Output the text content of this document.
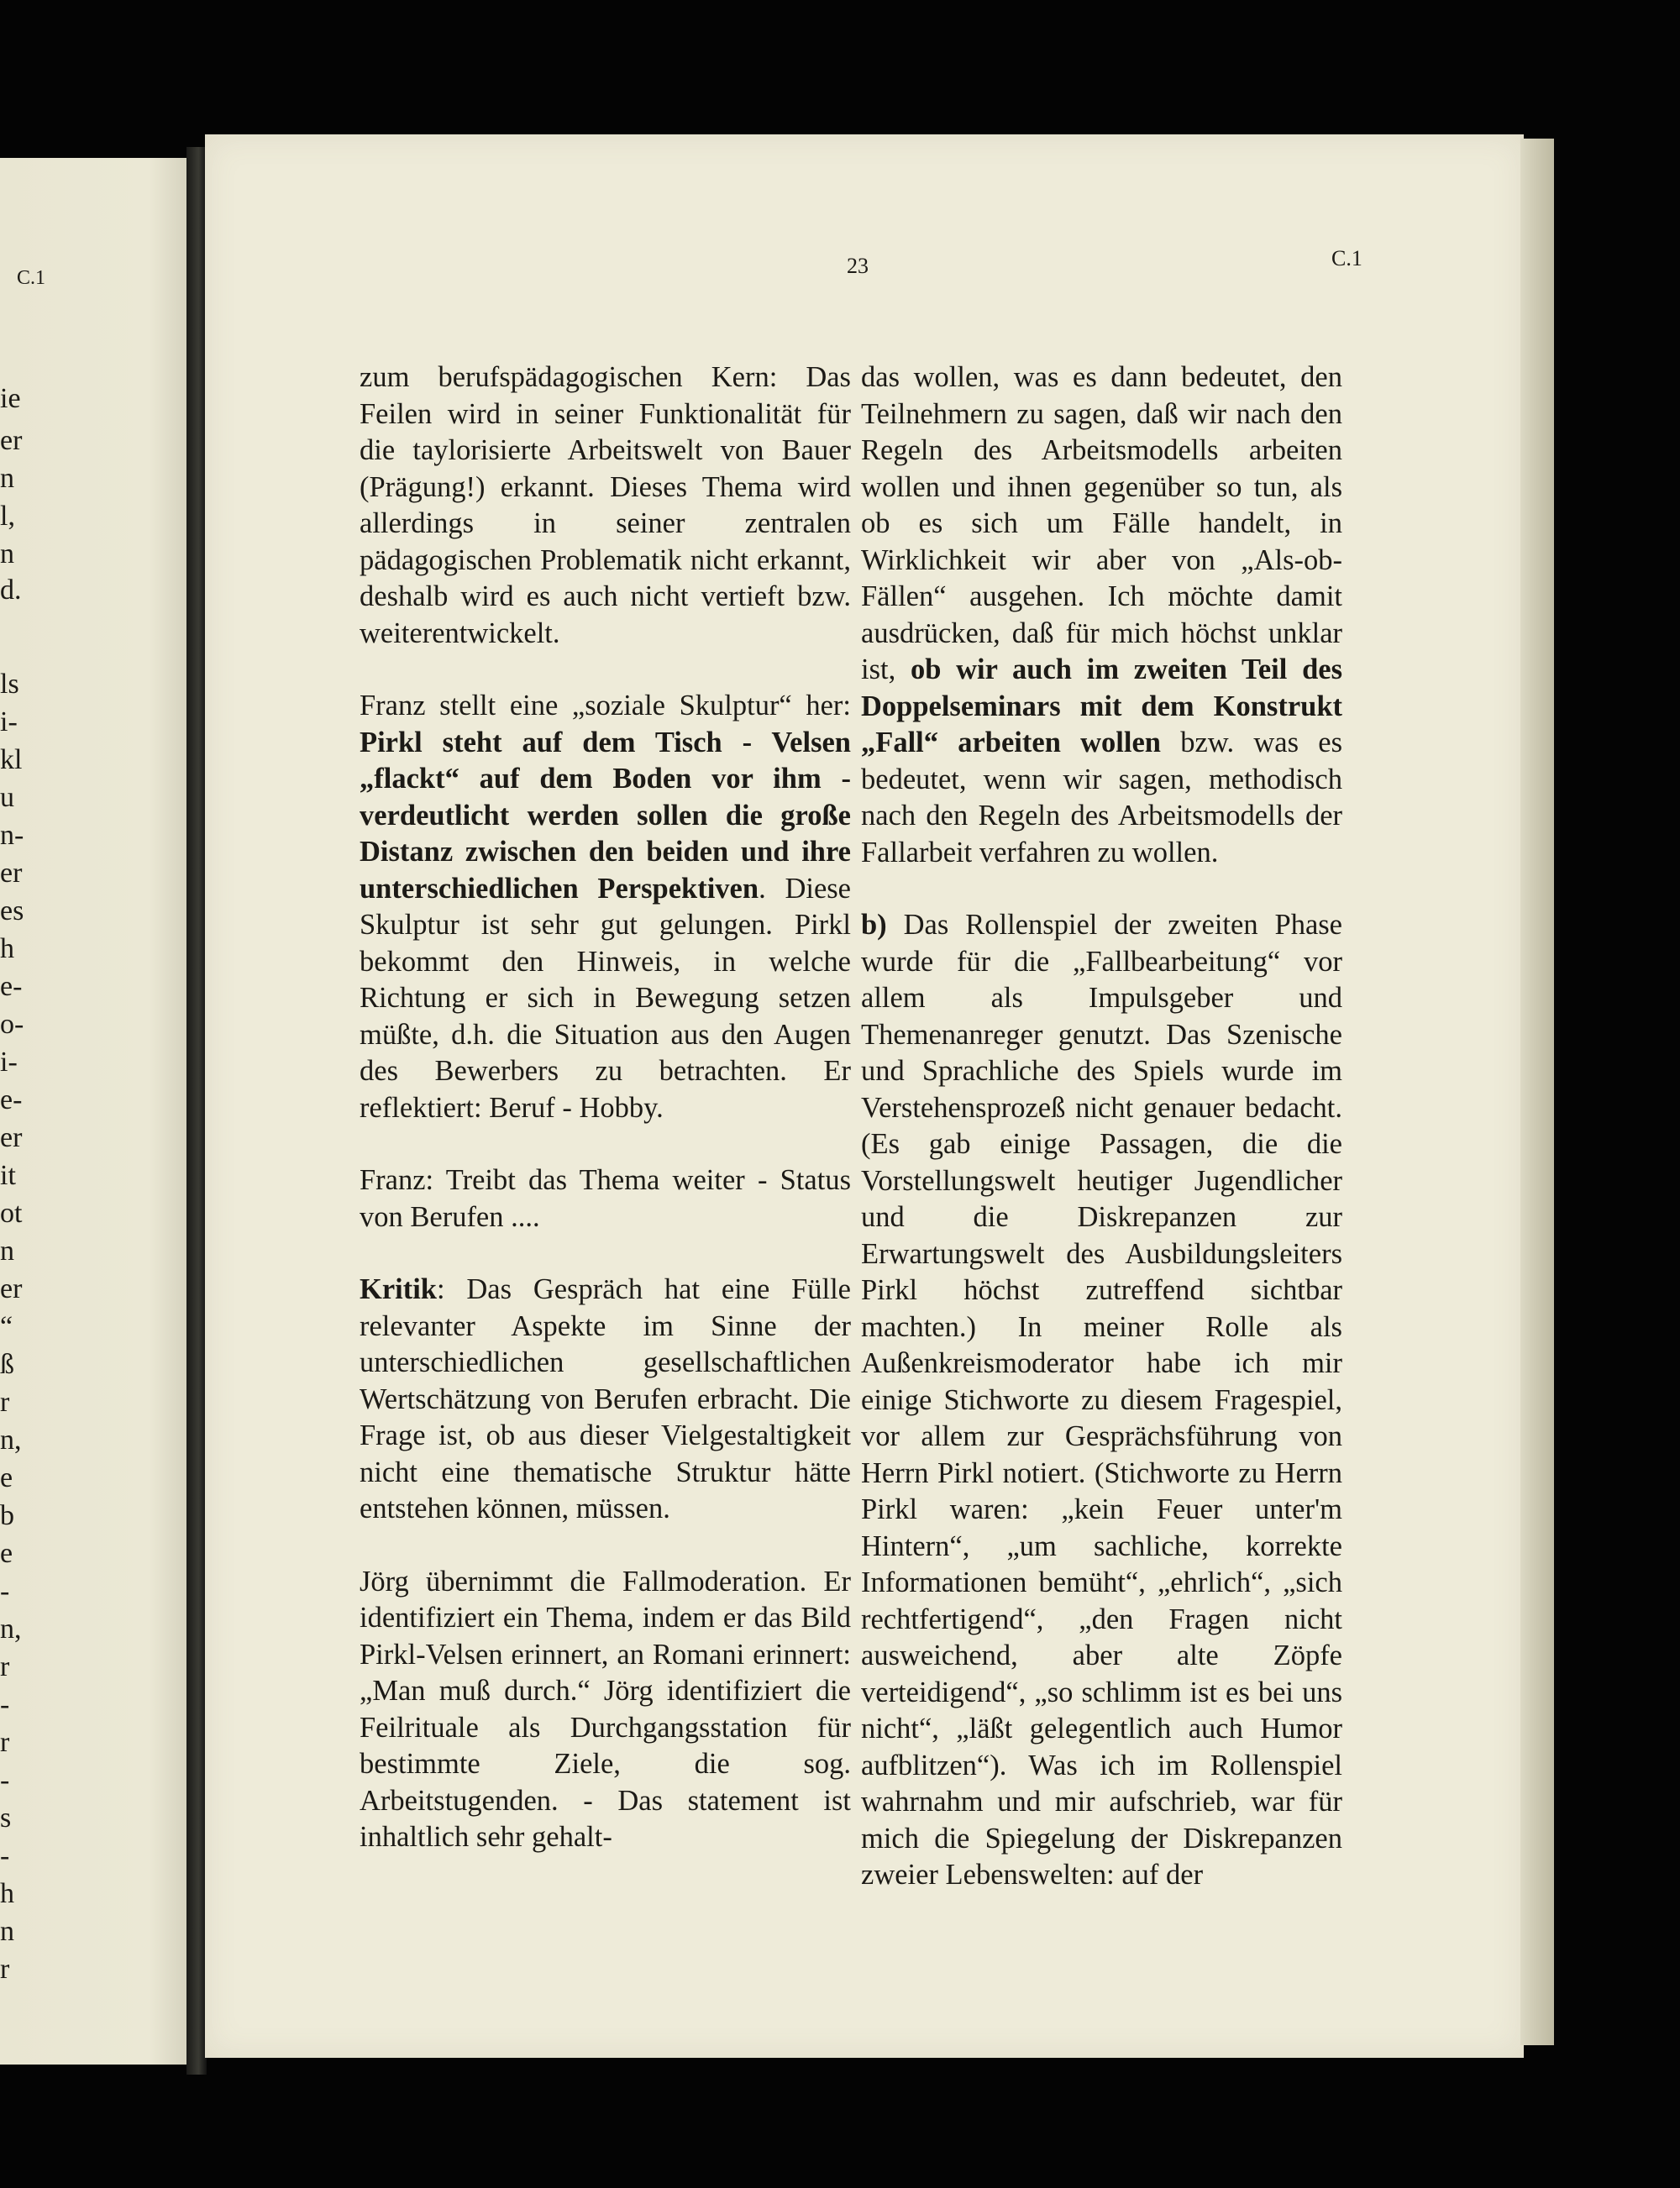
C.1
ie
er
n
l,
n
d.
ls
i-
kl
u
n-
er
es
h
e-
o-
i-
e-
er
it
ot
n
er
“
ß
r
n,
e
b
e
-
n,
r
-
r
-
s
-
h
n
r
23	C.1

zum berufspädagogischen Kern: Das Feilen wird in seiner Funktionalität für die taylorisierte Arbeitswelt von Bauer (Prägung!) erkannt. Dieses Thema wird allerdings in seiner zentralen pädagogischen Problematik nicht erkannt, deshalb wird es auch nicht vertieft bzw. weiterentwickelt.

Franz stellt eine „soziale Skulptur“ her: Pirkl steht auf dem Tisch - Velsen „flackt“ auf dem Boden vor ihm - verdeutlicht werden sollen die große Distanz zwischen den beiden und ihre unterschiedlichen Perspektiven. Diese Skulptur ist sehr gut gelungen. Pirkl bekommt den Hinweis, in welche Richtung er sich in Bewegung setzen müßte, d.h. die Situation aus den Augen des Bewerbers zu betrachten. Er reflektiert: Beruf - Hobby.

Franz: Treibt das Thema weiter - Status von Berufen ....

Kritik: Das Gespräch hat eine Fülle relevanter Aspekte im Sinne der unterschiedlichen gesellschaftlichen Wertschätzung von Berufen erbracht. Die Frage ist, ob aus dieser Vielgestaltigkeit nicht eine thematische Struktur hätte entstehen können, müssen.

Jörg übernimmt die Fallmoderation. Er identifiziert ein Thema, indem er das Bild Pirkl-Velsen erinnert, an Romani erinnert: „Man muß durch.“ Jörg identifiziert die Feilrituale als Durchgangsstation für bestimmte Ziele, die sog. Arbeitstugenden. - Das statement ist inhaltlich sehr gehalt-

das wollen, was es dann bedeutet, den Teilnehmern zu sagen, daß wir nach den Regeln des Arbeitsmodells arbeiten wollen und ihnen gegenüber so tun, als ob es sich um Fälle handelt, in Wirklichkeit wir aber von „Als-ob-Fällen“ ausgehen. Ich möchte damit ausdrücken, daß für mich höchst unklar ist, ob wir auch im zweiten Teil des Doppelseminars mit dem Konstrukt „Fall“ arbeiten wollen bzw. was es bedeutet, wenn wir sagen, methodisch nach den Regeln des Arbeitsmodells der Fallarbeit verfahren zu wollen.

b) Das Rollenspiel der zweiten Phase wurde für die „Fallbearbeitung“ vor allem als Impulsgeber und Themenanreger genutzt. Das Szenische und Sprachliche des Spiels wurde im Verstehensprozeß nicht genauer bedacht. (Es gab einige Passagen, die die Vorstellungswelt heutiger Jugendlicher und die Diskrepanzen zur Erwartungswelt des Ausbildungsleiters Pirkl höchst zutreffend sichtbar machten.) In meiner Rolle als Außenkreismoderator habe ich mir einige Stichworte zu diesem Fragespiel, vor allem zur Gesprächsführung von Herrn Pirkl notiert. (Stichworte zu Herrn Pirkl waren: „kein Feuer unter'm Hintern“, „um sachliche, korrekte Informationen bemüht“, „ehrlich“, „sich rechtfertigend“, „den Fragen nicht ausweichend, aber alte Zöpfe verteidigend“, „so schlimm ist es bei uns nicht“, „läßt gelegentlich auch Humor aufblitzen“). Was ich im Rollenspiel wahrnahm und mir aufschrieb, war für mich die Spiegelung der Diskrepanzen zweier Lebenswelten: auf der
